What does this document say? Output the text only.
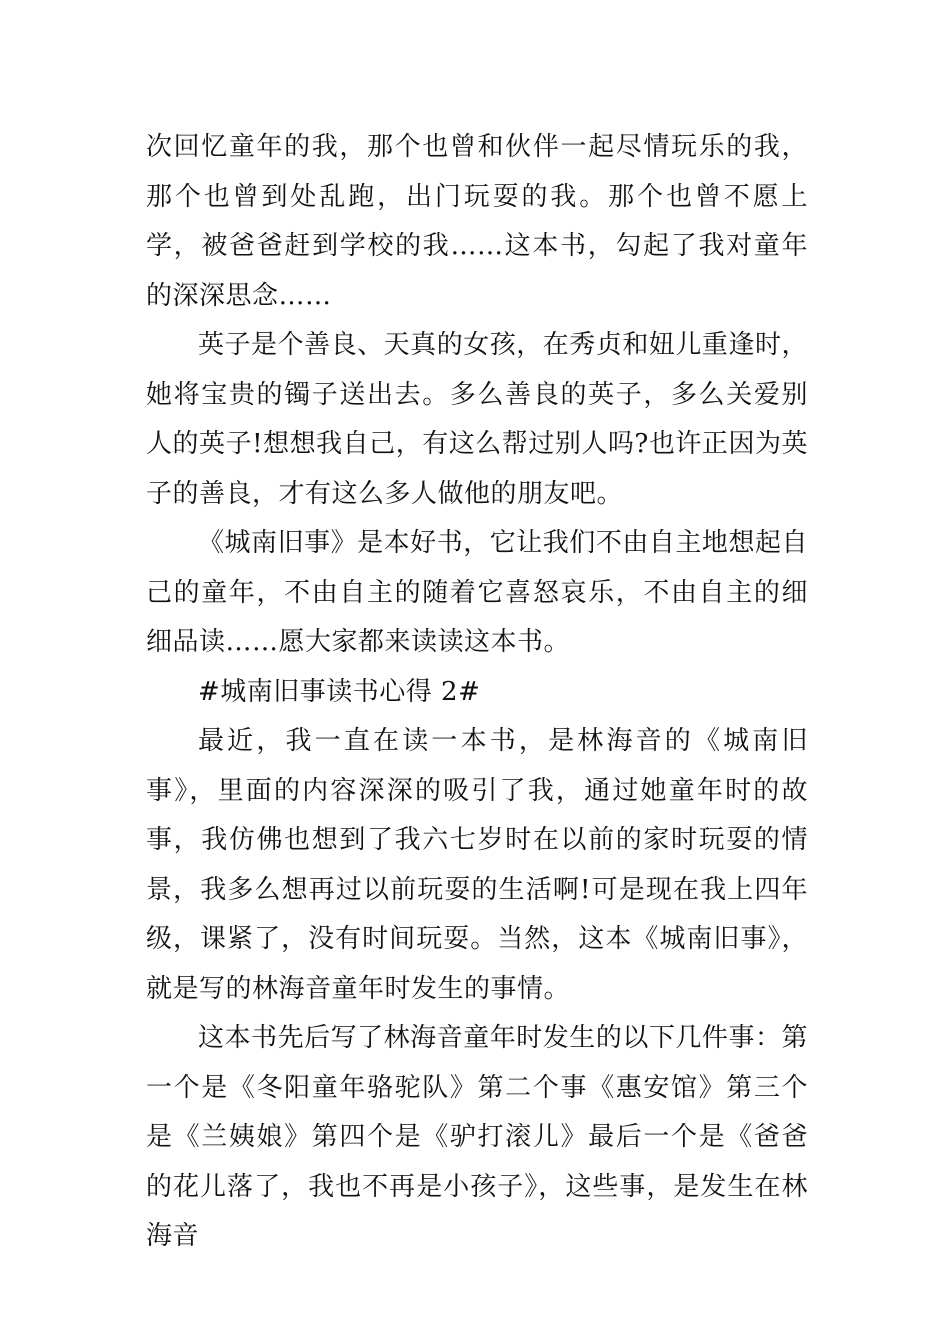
次回忆童年的我，那个也曾和伙伴一起尽情玩乐的我，那个也曾到处乱跑，出门玩耍的我。那个也曾不愿上学，被爸爸赶到学校的我……这本书，勾起了我对童年的深深思念……

英子是个善良、天真的女孩，在秀贞和妞儿重逢时，她将宝贵的镯子送出去。多么善良的英子，多么关爱别人的英子!想想我自己，有这么帮过别人吗?也许正因为英子的善良，才有这么多人做他的朋友吧。

《城南旧事》是本好书，它让我们不由自主地想起自己的童年，不由自主的随着它喜怒哀乐，不由自主的细细品读……愿大家都来读读这本书。

#城南旧事读书心得 2#

最近，我一直在读一本书，是林海音的《城南旧事》，里面的内容深深的吸引了我，通过她童年时的故事，我仿佛也想到了我六七岁时在以前的家时玩耍的情景，我多么想再过以前玩耍的生活啊!可是现在我上四年级，课紧了，没有时间玩耍。当然，这本《城南旧事》，就是写的林海音童年时发生的事情。

这本书先后写了林海音童年时发生的以下几件事：第一个是《冬阳童年骆驼队》第二个事《惠安馆》第三个是《兰姨娘》第四个是《驴打滚儿》最后一个是《爸爸的花儿落了，我也不再是小孩子》，这些事，是发生在林海音
